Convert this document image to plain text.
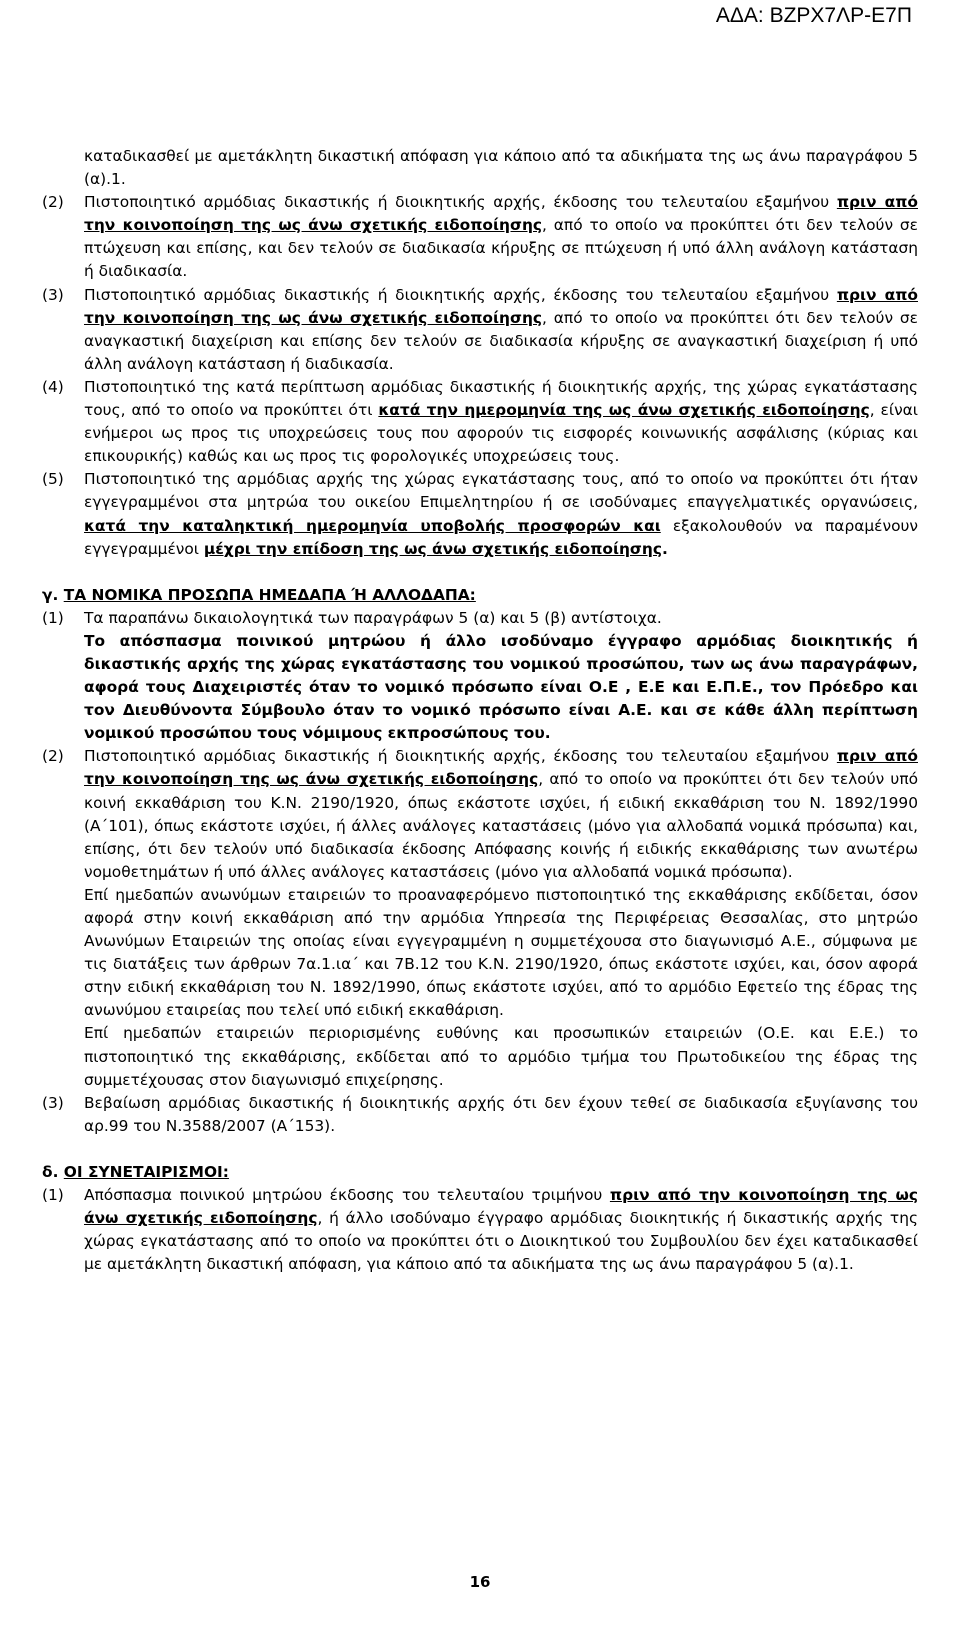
ΑΔΑ: ΒΖΡΧ7ΛΡ-Ε7Π

καταδικασθεί με αμετάκλητη δικαστική απόφαση για κάποιο από τα αδικήματα της ως άνω παραγράφου 5 (α).1.

(2) Πιστοποιητικό αρμόδιας δικαστικής ή διοικητικής αρχής, έκδοσης του τελευταίου εξαμήνου πριν από την κοινοποίηση της ως άνω σχετικής ειδοποίησης, από το οποίο να προκύπτει ότι δεν τελούν σε πτώχευση και επίσης, και δεν τελούν σε διαδικασία κήρυξης σε πτώχευση ή υπό άλλη ανάλογη κατάσταση ή διαδικασία.
(3) Πιστοποιητικό αρμόδιας δικαστικής ή διοικητικής αρχής, έκδοσης του τελευταίου εξαμήνου πριν από την κοινοποίηση της ως άνω σχετικής ειδοποίησης, από το οποίο να προκύπτει ότι δεν τελούν σε αναγκαστική διαχείριση και επίσης δεν τελούν σε διαδικασία κήρυξης σε αναγκαστική διαχείριση ή υπό άλλη ανάλογη κατάσταση ή διαδικασία.
(4) Πιστοποιητικό της κατά περίπτωση αρμόδιας δικαστικής ή διοικητικής αρχής, της χώρας εγκατάστασης τους, από το οποίο να προκύπτει ότι κατά την ημερομηνία της ως άνω σχετικής ειδοποίησης, είναι ενήμεροι ως προς τις υποχρεώσεις τους που αφορούν τις εισφορές κοινωνικής ασφάλισης (κύριας και επικουρικής) καθώς και ως προς τις φορολογικές υποχρεώσεις τους.
(5) Πιστοποιητικό της αρμόδιας αρχής της χώρας εγκατάστασης τους, από το οποίο να προκύπτει ότι ήταν εγγεγραμμένοι στα μητρώα του οικείου Επιμελητηρίου ή σε ισοδύναμες επαγγελματικές οργανώσεις, κατά την καταληκτική ημερομηνία υποβολής προσφορών και εξακολουθούν να παραμένουν εγγεγραμμένοι μέχρι την επίδοση της ως άνω σχετικής ειδοποίησης.

γ. ΤΑ ΝΟΜΙΚΑ ΠΡΟΣΩΠΑ ΗΜΕΔΑΠΑ Ή ΑΛΛΟΔΑΠΑ:

(1) Τα παραπάνω δικαιολογητικά των παραγράφων 5 (α) και 5 (β) αντίστοιχα.

Το απόσπασμα ποινικού μητρώου ή άλλο ισοδύναμο έγγραφο αρμόδιας διοικητικής ή δικαστικής αρχής της χώρας εγκατάστασης του νομικού προσώπου, των ως άνω παραγράφων, αφορά τους Διαχειριστές όταν το νομικό πρόσωπο είναι Ο.Ε , Ε.Ε και Ε.Π.Ε., τον Πρόεδρο και τον Διευθύνοντα Σύμβουλο όταν το νομικό πρόσωπο είναι Α.Ε. και σε κάθε άλλη περίπτωση νομικού προσώπου τους νόμιμους εκπροσώπους του.

(2) Πιστοποιητικό αρμόδιας δικαστικής ή διοικητικής αρχής, έκδοσης του τελευταίου εξαμήνου πριν από την κοινοποίηση της ως άνω σχετικής ειδοποίησης, από το οποίο να προκύπτει ότι δεν τελούν υπό κοινή εκκαθάριση του Κ.Ν. 2190/1920, όπως εκάστοτε ισχύει, ή ειδική εκκαθάριση του Ν. 1892/1990 (Α΄101), όπως εκάστοτε ισχύει, ή άλλες ανάλογες καταστάσεις (μόνο για αλλοδαπά νομικά πρόσωπα) και, επίσης, ότι δεν τελούν υπό διαδικασία έκδοσης Απόφασης κοινής ή ειδικής εκκαθάρισης των ανωτέρω νομοθετημάτων ή υπό άλλες ανάλογες καταστάσεις (μόνο για αλλοδαπά νομικά πρόσωπα).

Επί ημεδαπών ανωνύμων εταιρειών το προαναφερόμενο πιστοποιητικό της εκκαθάρισης εκδίδεται, όσον αφορά στην κοινή εκκαθάριση από την αρμόδια Υπηρεσία της Περιφέρειας Θεσσαλίας, στο μητρώο Ανωνύμων Εταιρειών της οποίας είναι εγγεγραμμένη η συμμετέχουσα στο διαγωνισμό Α.Ε., σύμφωνα με τις διατάξεις των άρθρων 7α.1.ια΄ και 7Β.12 του Κ.Ν. 2190/1920, όπως εκάστοτε ισχύει, και, όσον αφορά στην ειδική εκκαθάριση του Ν. 1892/1990, όπως εκάστοτε ισχύει, από το αρμόδιο Εφετείο της έδρας της ανωνύμου εταιρείας που τελεί υπό ειδική εκκαθάριση.

Επί ημεδαπών εταιρειών περιορισμένης ευθύνης και προσωπικών εταιρειών (Ο.Ε. και Ε.Ε.) το πιστοποιητικό της εκκαθάρισης, εκδίδεται από το αρμόδιο τμήμα του Πρωτοδικείου της έδρας της συμμετέχουσας στον διαγωνισμό επιχείρησης.

(3) Βεβαίωση αρμόδιας δικαστικής ή διοικητικής αρχής ότι δεν έχουν τεθεί σε διαδικασία εξυγίανσης του αρ.99 του Ν.3588/2007 (Α΄153).

δ. ΟΙ ΣΥΝΕΤΑΙΡΙΣΜΟΙ:

(1) Απόσπασμα ποινικού μητρώου έκδοσης του τελευταίου τριμήνου πριν από την κοινοποίηση της ως άνω σχετικής ειδοποίησης, ή άλλο ισοδύναμο έγγραφο αρμόδιας διοικητικής ή δικαστικής αρχής της χώρας εγκατάστασης από το οποίο να προκύπτει ότι ο Διοικητικού του Συμβουλίου δεν έχει καταδικασθεί με αμετάκλητη δικαστική απόφαση, για κάποιο από τα αδικήματα της ως άνω παραγράφου 5 (α).1.
16
